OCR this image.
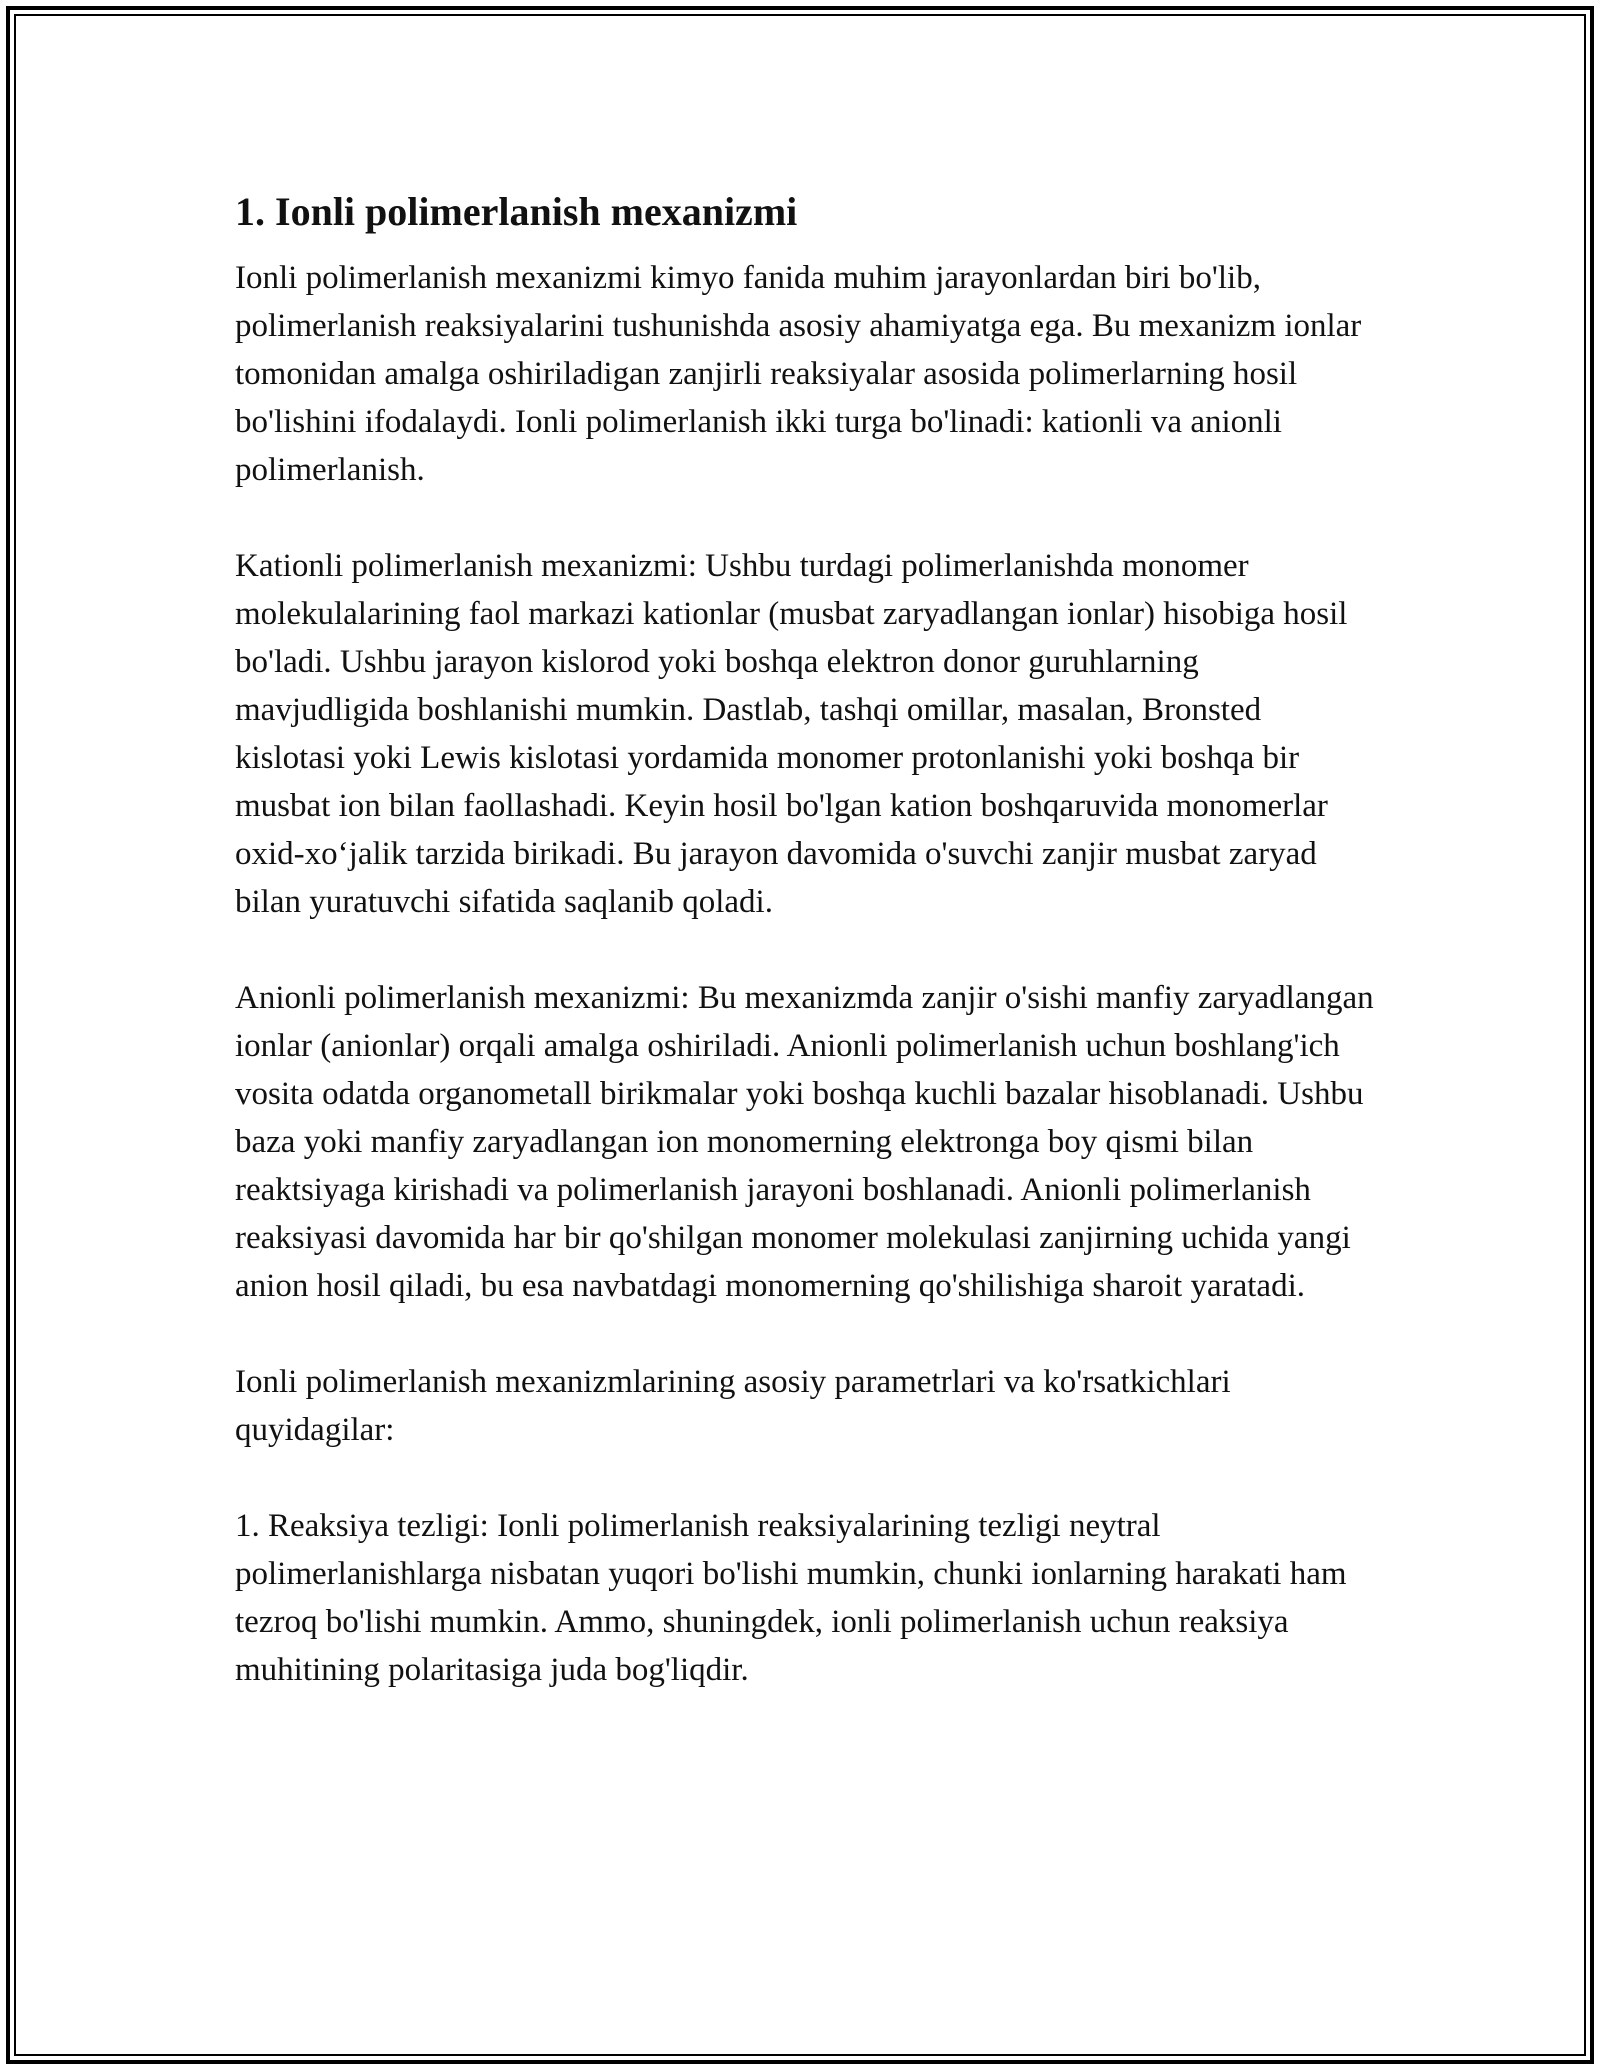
1. Ionli polimerlanish mexanizmi

Ionli polimerlanish mexanizmi kimyo fanida muhim jarayonlardan biri bo'lib, polimerlanish reaksiyalarini tushunishda asosiy ahamiyatga ega. Bu mexanizm ionlar tomonidan amalga oshiriladigan zanjirli reaksiyalar asosida polimerlarning hosil bo'lishini ifodalaydi. Ionli polimerlanish ikki turga bo'linadi: kationli va anionli polimerlanish.

Kationli polimerlanish mexanizmi: Ushbu turdagi polimerlanishda monomer molekulalarining faol markazi kationlar (musbat zaryadlangan ionlar) hisobiga hosil bo'ladi. Ushbu jarayon kislorod yoki boshqa elektron donor guruhlarning mavjudligida boshlanishi mumkin. Dastlab, tashqi omillar, masalan, Bronsted kislotasi yoki Lewis kislotasi yordamida monomer protonlanishi yoki boshqa bir musbat ion bilan faollashadi. Keyin hosil bo'lgan kation boshqaruvida monomerlar oxid-xo‘jalik tarzida birikadi. Bu jarayon davomida o'suvchi zanjir musbat zaryad bilan yuratuvchi sifatida saqlanib qoladi.

Anionli polimerlanish mexanizmi: Bu mexanizmda zanjir o'sishi manfiy zaryadlangan ionlar (anionlar) orqali amalga oshiriladi. Anionli polimerlanish uchun boshlang'ich vosita odatda organometall birikmalar yoki boshqa kuchli bazalar hisoblanadi. Ushbu baza yoki manfiy zaryadlangan ion monomerning elektronga boy qismi bilan reaktsiyaga kirishadi va polimerlanish jarayoni boshlanadi. Anionli polimerlanish reaksiyasi davomida har bir qo'shilgan monomer molekulasi zanjirning uchida yangi anion hosil qiladi, bu esa navbatdagi monomerning qo'shilishiga sharoit yaratadi.

Ionli polimerlanish mexanizmlarining asosiy parametrlari va ko'rsatkichlari quyidagilar:

1. Reaksiya tezligi: Ionli polimerlanish reaksiyalarining tezligi neytral polimerlanishlarga nisbatan yuqori bo'lishi mumkin, chunki ionlarning harakati ham tezroq bo'lishi mumkin. Ammo, shuningdek, ionli polimerlanish uchun reaksiya muhitining polaritasiga juda bog'liqdir.
